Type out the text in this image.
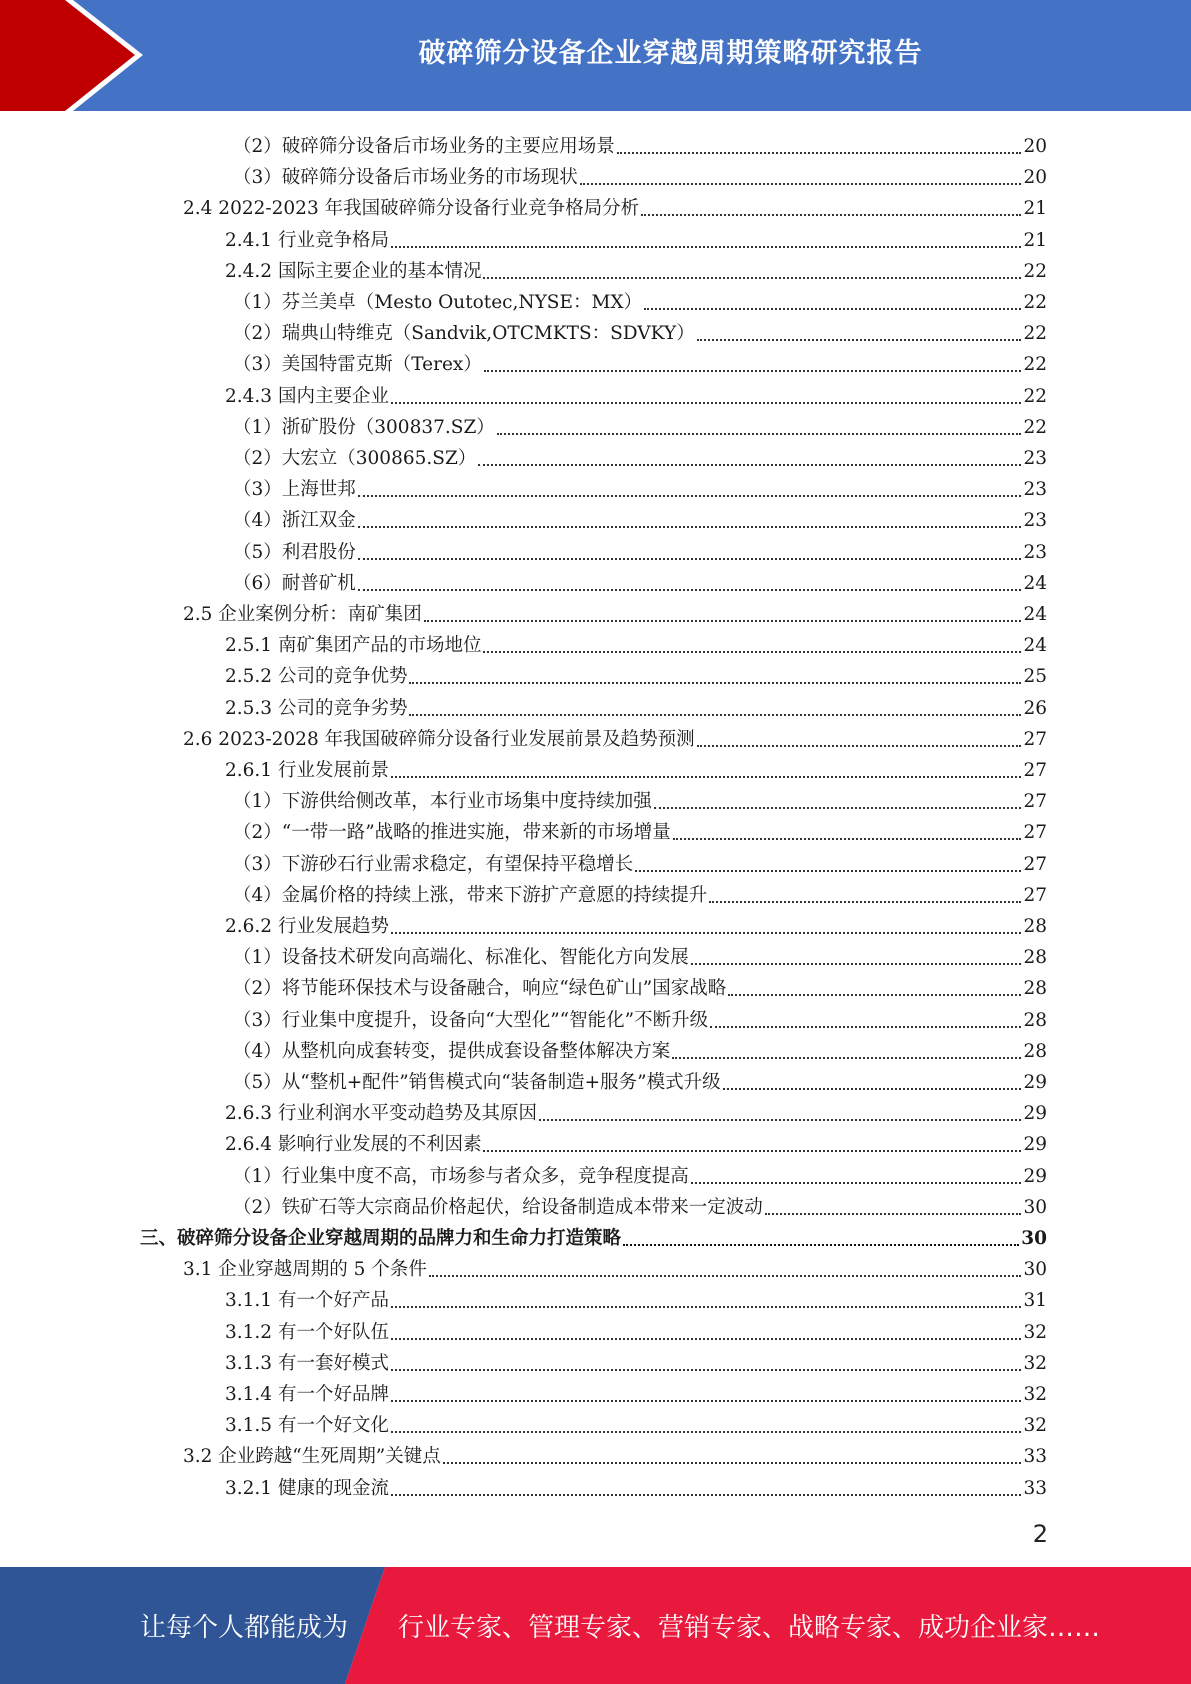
破碎筛分设备企业穿越周期策略研究报告
（2）破碎筛分设备后市场业务的主要应用场景	20
（3）破碎筛分设备后市场业务的市场现状	20
2.4 2022-2023 年我国破碎筛分设备行业竞争格局分析	21
2.4.1 行业竞争格局	21
2.4.2 国际主要企业的基本情况	22
（1）芬兰美卓（Mesto Outotec,NYSE：MX）	22
（2）瑞典山特维克（Sandvik,OTCMKTS：SDVKY）	22
（3）美国特雷克斯（Terex）	22
2.4.3 国内主要企业	22
（1）浙矿股份（300837.SZ）	22
（2）大宏立（300865.SZ）	23
（3）上海世邦	23
（4）浙江双金	23
（5）利君股份	23
（6）耐普矿机	24
2.5 企业案例分析：南矿集团	24
2.5.1 南矿集团产品的市场地位	24
2.5.2 公司的竞争优势	25
2.5.3 公司的竞争劣势	26
2.6 2023-2028 年我国破碎筛分设备行业发展前景及趋势预测	27
2.6.1 行业发展前景	27
（1）下游供给侧改革，本行业市场集中度持续加强	27
（2）“一带一路”战略的推进实施，带来新的市场增量	27
（3）下游砂石行业需求稳定，有望保持平稳增长	27
（4）金属价格的持续上涨，带来下游扩产意愿的持续提升	27
2.6.2 行业发展趋势	28
（1）设备技术研发向高端化、标准化、智能化方向发展	28
（2）将节能环保技术与设备融合，响应“绿色矿山”国家战略	28
（3）行业集中度提升，设备向“大型化”“智能化”不断升级	28
（4）从整机向成套转变，提供成套设备整体解决方案	28
（5）从“整机+配件”销售模式向“装备制造+服务”模式升级	29
2.6.3 行业利润水平变动趋势及其原因	29
2.6.4 影响行业发展的不利因素	29
（1）行业集中度不高，市场参与者众多，竞争程度提高	29
（2）铁矿石等大宗商品价格起伏，给设备制造成本带来一定波动	30
三、破碎筛分设备企业穿越周期的品牌力和生命力打造策略	30
3.1 企业穿越周期的 5 个条件	30
3.1.1 有一个好产品	31
3.1.2 有一个好队伍	32
3.1.3 有一套好模式	32
3.1.4 有一个好品牌	32
3.1.5 有一个好文化	32
3.2 企业跨越“生死周期”关键点	33
3.2.1 健康的现金流	33
2
让每个人都能成为 行业专家、管理专家、营销专家、战略专家、成功企业家……
